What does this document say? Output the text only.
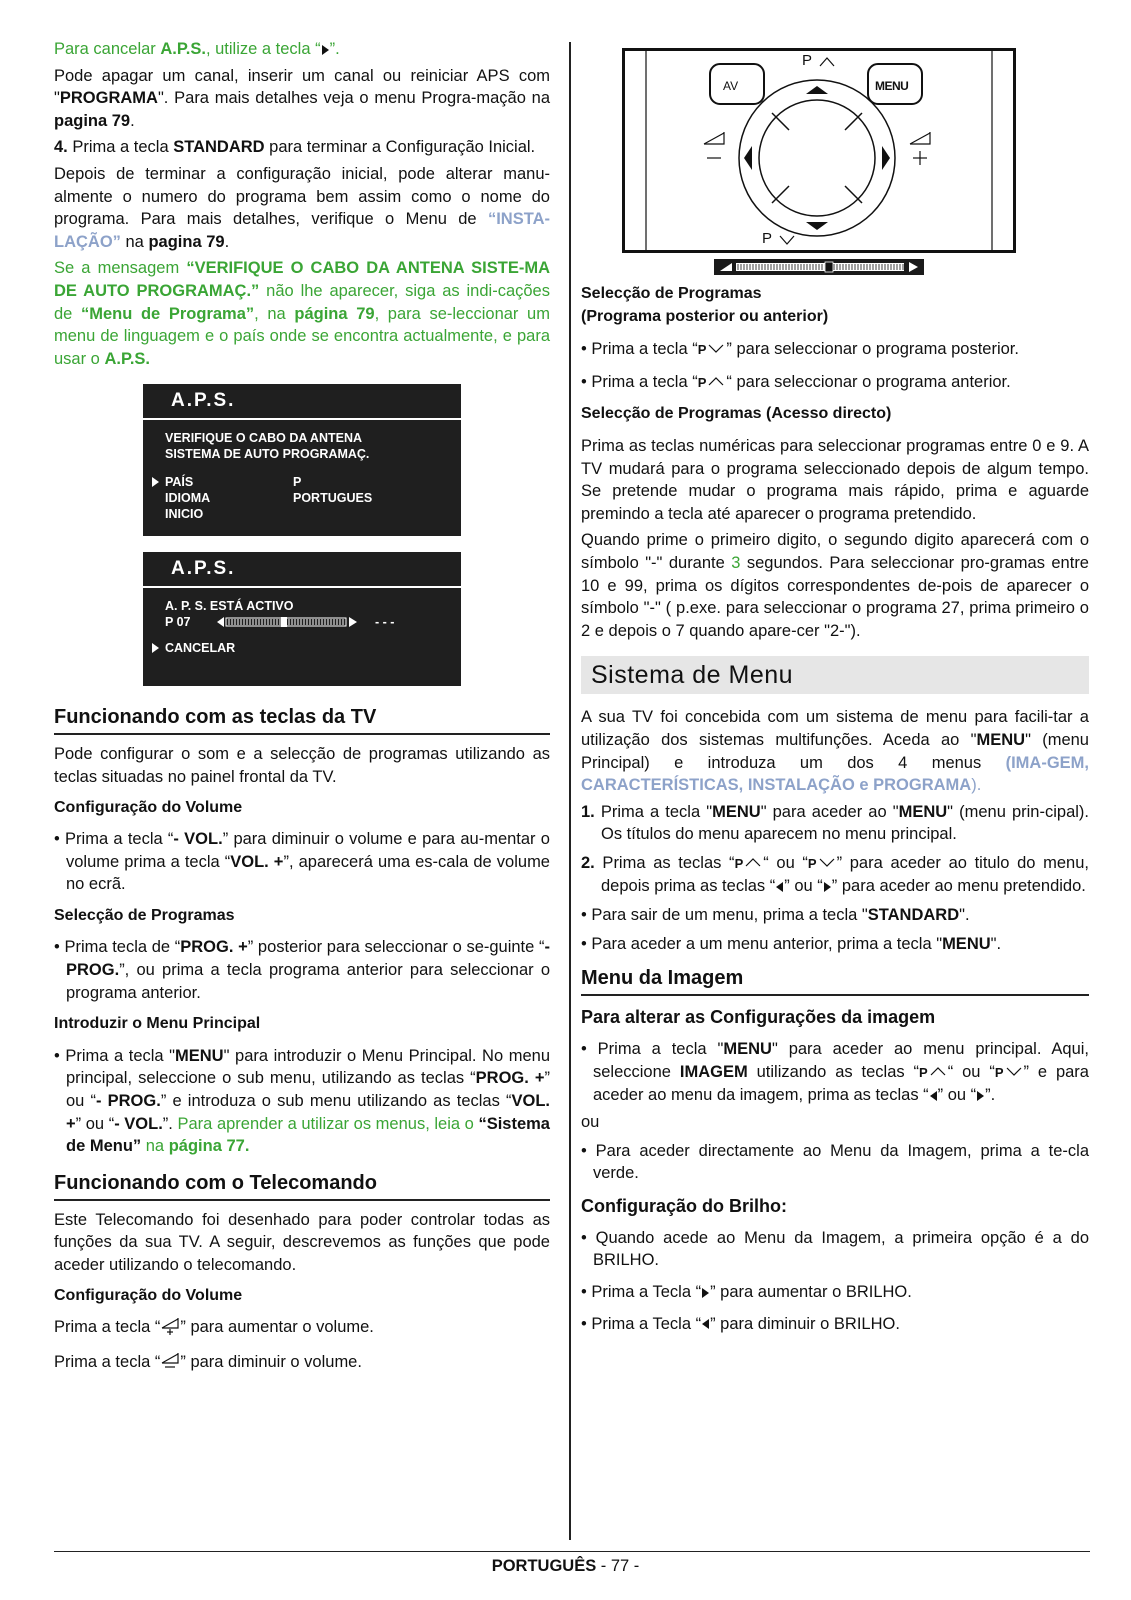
Para cancelar A.P.S., utilize a tecla “ ”.

Pode apagar um canal, inserir um canal ou reiniciar APS com "PROGRAMA". Para mais detalhes veja o menu Progra-mação na pagina 79.

4. Prima a tecla STANDARD para terminar a Configuração Inicial.

Depois de terminar a configuração inicial, pode alterar manu-almente o numero do programa bem assim como o nome do programa. Para mais detalhes, verifique o Menu de “INSTA-LAÇÃO” na pagina 79.

Se a mensagem “VERIFIQUE O CABO DA ANTENA SISTE-MA DE AUTO PROGRAMAÇ.” não lhe aparecer, siga as indi-cações de “Menu de Programa”, na página 79, para se-leccionar um menu de linguagem e o país onde se encontra actualmente, e para usar o A.P.S.

A.P.S.
VERIFIQUE O CABO DA ANTENA
SISTEMA DE AUTO PROGRAMAÇ.
PAÍS	P
IDIOMA	PORTUGUES
INICIO
A.P.S.
A. P. S. ESTÁ ACTIVO
P 07	- - -
CANCELAR
Funcionando com as teclas da TV

Pode configurar o som e a selecção de programas utilizando as teclas situadas no painel frontal da TV.

Configuração do Volume

• Prima a tecla “- VOL.” para diminuir o volume e para au-mentar o volume prima a tecla “VOL. +”, aparecerá uma es-cala de volume no ecrã.

Selecção de Programas

• Prima tecla de “PROG. +” posterior para seleccionar o se-guinte “- PROG.”, ou prima a tecla programa anterior para seleccionar o programa anterior.

Introduzir o Menu Principal

• Prima a tecla "MENU" para introduzir o Menu Principal. No menu principal, seleccione o sub menu, utilizando as teclas “PROG. +” ou “- PROG.” e introduza o sub menu utilizando as teclas “VOL. +” ou “- VOL.”. Para aprender a utilizar os menus, leia o “Sistema de Menu” na página 77.

Funcionando com o Telecomando

Este Telecomando foi desenhado para poder controlar todas as funções da sua TV. A seguir, descrevemos as funções que pode aceder utilizando o telecomando.

Configuração do Volume

Prima a tecla “ ” para aumentar o volume.

Prima a tecla “ ” para diminuir o volume.

P
P
AV	MENU
Selecção de Programas
(Programa posterior ou anterior)

• Prima a tecla “P ” para seleccionar o programa posterior.

• Prima a tecla “P “ para seleccionar o programa anterior.

Selecção de Programas (Acesso directo)

Prima as teclas numéricas para seleccionar programas entre 0 e 9. A TV mudará para o programa seleccionado depois de algum tempo. Se pretende mudar o programa mais rápido, prima e aguarde premindo a tecla até aparecer o programa pretendido.

Quando prime o primeiro digito, o segundo digito aparecerá com o símbolo "-" durante 3 segundos. Para seleccionar pro-gramas entre 10 e 99, prima os dígitos correspondentes de-pois de aparecer o símbolo "-" ( p.exe. para seleccionar o programa 27, prima primeiro o 2 e depois o 7 quando apare-cer "2-").

Sistema de Menu

A sua TV foi concebida com um sistema de menu para facili-tar a utilização dos sistemas multifunções. Aceda ao "MENU" (menu Principal) e introduza um dos 4 menus (IMA-GEM, CARACTERÍSTICAS, INSTALAÇÃO e PROGRAMA).

1. Prima a tecla "MENU" para aceder ao "MENU" (menu prin-cipal). Os títulos do menu aparecem no menu principal.

2. Prima as teclas “P “ ou “P ” para aceder ao titulo do menu, depois prima as teclas “ ” ou “ ” para aceder ao menu pretendido.

• Para sair de um menu, prima a tecla "STANDARD".

• Para aceder a um menu anterior, prima a tecla "MENU".

Menu da Imagem
Para alterar as Configurações da imagem

• Prima a tecla "MENU" para aceder ao menu principal. Aqui, seleccione IMAGEM utilizando as teclas “P “ ou “P ” e para aceder ao menu da imagem, prima as teclas “ ” ou “ ”.

ou

• Para aceder directamente ao Menu da Imagem, prima a te-cla verde.

Configuração do Brilho:

• Quando acede ao Menu da Imagem, a primeira opção é a do BRILHO.

• Prima a Tecla “ ” para aumentar o BRILHO.

• Prima a Tecla “ ” para diminuir o BRILHO.

PORTUGUÊS - 77 -
